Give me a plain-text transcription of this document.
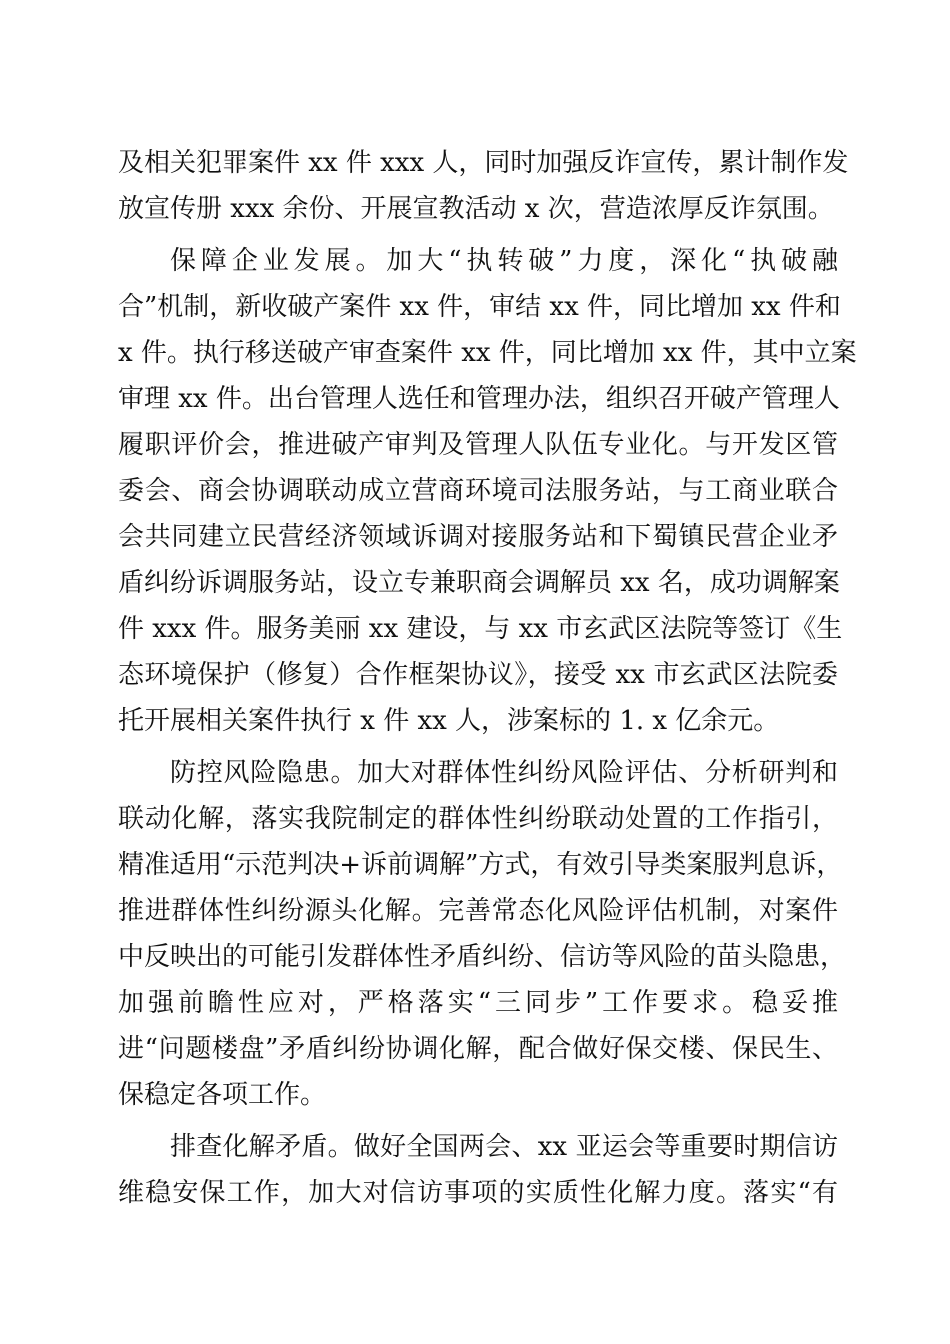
及相关犯罪案件 xx 件 xxx 人，同时加强反诈宣传，累计制作发
放宣传册 xxx 余份、开展宣教活动 x 次，营造浓厚反诈氛围。
保障企业发展。加大“执转破”力度，深化“执破融
合”机制，新收破产案件 xx 件，审结 xx 件，同比增加 xx 件和
x 件。执行移送破产审查案件 xx 件，同比增加 xx 件，其中立案
审理 xx 件。出台管理人选任和管理办法，组织召开破产管理人
履职评价会，推进破产审判及管理人队伍专业化。与开发区管
委会、商会协调联动成立营商环境司法服务站，与工商业联合
会共同建立民营经济领域诉调对接服务站和下蜀镇民营企业矛
盾纠纷诉调服务站，设立专兼职商会调解员 xx 名，成功调解案
件 xxx 件。服务美丽 xx 建设，与 xx 市玄武区法院等签订《生
态环境保护（修复）合作框架协议》，接受 xx 市玄武区法院委
托开展相关案件执行 x 件 xx 人，涉案标的 1. x 亿余元。
防控风险隐患。加大对群体性纠纷风险评估、分析研判和
联动化解，落实我院制定的群体性纠纷联动处置的工作指引，
精准适用“示范判决+诉前调解”方式，有效引导类案服判息诉，
推进群体性纠纷源头化解。完善常态化风险评估机制，对案件
中反映出的可能引发群体性矛盾纠纷、信访等风险的苗头隐患，
加强前瞻性应对，严格落实“三同步”工作要求。稳妥推
进“问题楼盘”矛盾纠纷协调化解，配合做好保交楼、保民生、
保稳定各项工作。
排查化解矛盾。做好全国两会、xx 亚运会等重要时期信访
维稳安保工作，加大对信访事项的实质性化解力度。落实“有
